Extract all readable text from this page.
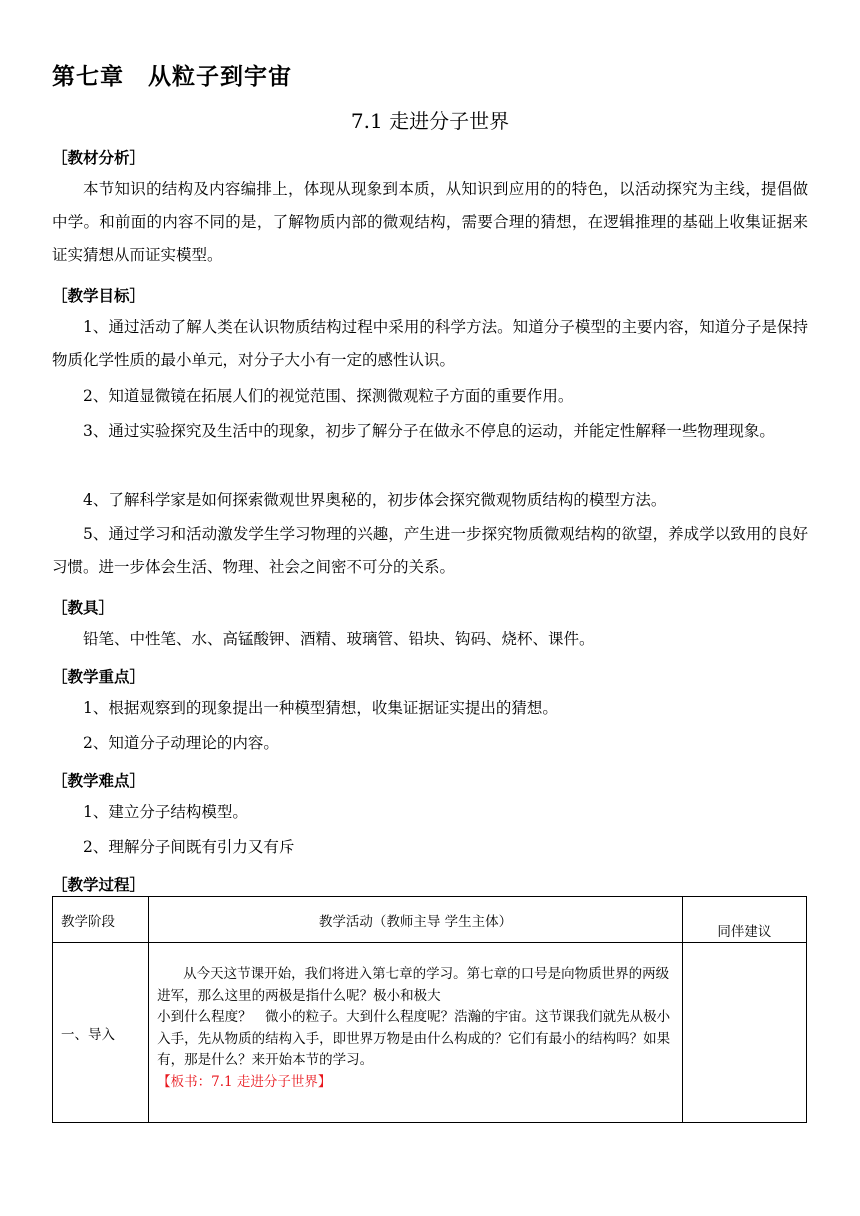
第七章　从粒子到宇宙
7.1 走进分子世界
［教材分析］

本节知识的结构及内容编排上，体现从现象到本质，从知识到应用的的特色，以活动探究为主线，提倡做中学。和前面的内容不同的是，了解物质内部的微观结构，需要合理的猜想，在逻辑推理的基础上收集证据来证实猜想从而证实模型。

［教学目标］

1、通过活动了解人类在认识物质结构过程中采用的科学方法。知道分子模型的主要内容，知道分子是保持物质化学性质的最小单元，对分子大小有一定的感性认识。

2、知道显微镜在拓展人们的视觉范围、探测微观粒子方面的重要作用。

3、通过实验探究及生活中的现象，初步了解分子在做永不停息的运动，并能定性解释一些物理现象。

4、了解科学家是如何探索微观世界奥秘的，初步体会探究微观物质结构的模型方法。

5、通过学习和活动激发学生学习物理的兴趣，产生进一步探究物质微观结构的欲望，养成学以致用的良好习惯。进一步体会生活、物理、社会之间密不可分的关系。

［教具］

铅笔、中性笔、水、高锰酸钾、酒精、玻璃管、铅块、钩码、烧杯、课件。

［教学重点］

1、根据观察到的现象提出一种模型猜想，收集证据证实提出的猜想。

2、知道分子动理论的内容。

［教学难点］

1、建立分子结构模型。

2、理解分子间既有引力又有斥

［教学过程］
教学阶段	教学活动（教师主导 学生主体）	同伴建议
一、导入	从今天这节课开始，我们将进入第七章的学习。第七章的口号是向物质世界的两级进军，那么这里的两极是指什么呢？极小和极大

小到什么程度？　微小的粒子。大到什么程度呢？浩瀚的宇宙。这节课我们就先从极小入手，先从物质的结构入手，即世界万物是由什么构成的？它们有最小的结构吗？如果有，那是什么？来开始本节的学习。

【板书：7.1 走进分子世界】	
